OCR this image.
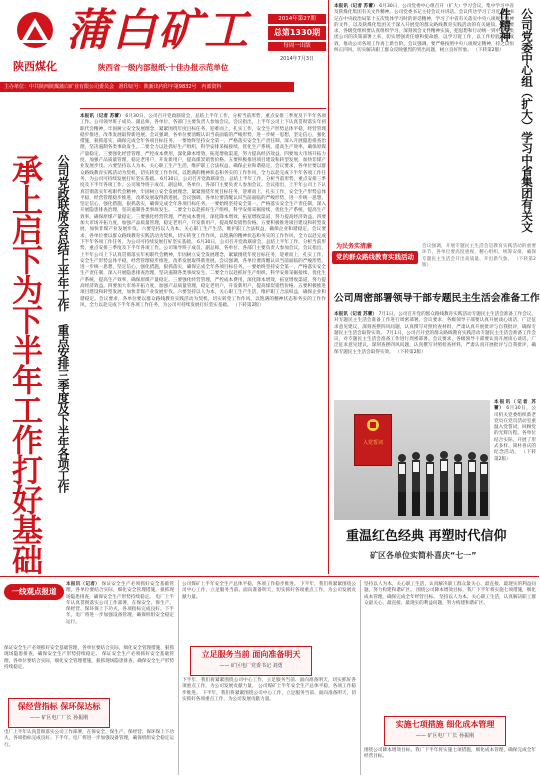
陕西煤化
蒲白矿工	2014年第27期
总第1330期
每周一出版
2014年7月3日
陕西省一级内部报纸·十佳办报示范单位
主办单位：中共陕西陕煤蒲白矿业有限公司委员会 准印证号：陕新出内印字第9832号 内部资料
本报讯（记者 苏蕾） 6月30日，公司党委中心组召开（扩大）学习会议，集中学习中省及陕煤化集团有关文件精神。公司党委书记主持会议并讲话。会议传达学习了习近平总书记在中央政治局第十五次集体学习时的讲话精神，学习了中省有关落实中央八项规定精神的文件，以及陕煤化集团关于深入开展党的群众路线教育实践活动的有关通知。会议要求，各级党组织要认真组织学习，深刻领会文件精神实质，把思想和行动统一到中省和集团公司的决策部署上来，切实增强责任感和使命感，以学习促工作，以工作检验学习成效，推动公司各项工作再上新台阶。会议强调，要严格按照中央八项规定精神，持之以恒纠正四风，切实解决职工群众反映强烈的突出问题，树立良好形象。 （下转第2版）	公司党委中心组（扩大）学习中省集团有关文件精神
承上启下为下半年工作打好基础	公司党政联席会总结上半年工作 重点安排三季度及下半年各项工作
本报讯（记者 苏蕾） 6月30日，公司召开党政联席会，总结上半年工作，分析当前形势，重点安排三季度及下半年各项工作。公司领导班子成员、副总师，各单位、各部门主要负责人参加会议。会议指出，上半年公司上下认真贯彻落实年初职代会精神，牢固树立安全发展理念，紧紧围绕年度目标任务，迎难而上，扎实工作，安全生产形势总体平稳，经营管理稳步推进，改革发展取得新进展。会议强调，各单位要清醒认识当前面临的严峻形势，进一步统一思想，坚定信心，强化措施，狠抓落实，确保完成全年各项目标任务。一要始终坚持安全第一，严格落实安全生产责任制，深入开展隐患排查治理，坚决遏制各类事故发生。二要全力以赴抓好生产组织，科学安排采掘接续，优化生产系统，提高生产效率，确保原煤产量稳定。三要强化经营管理，严控成本费用，深化降本增效，拓宽增收渠道，努力提高经济效益。四要加大市场开拓力度，加强产品质量管理，稳定老用户，开发新用户，提高煤炭销售价格。五要积极推进项目建设和转型发展，加快非煤产业发展步伐。六要坚持以人为本，关心职工生产生活，维护职工合法权益，确保企业和谐稳定。会议要求，各单位要以群众路线教育实践活动为契机，切实转变工作作风，以饱满的精神状态和务实的工作作风，全力以赴完成下半年各项工作任务，为公司可持续发展打好坚实基础。 6月30日，公司召开党政联席会，总结上半年工作，分析当前形势，重点安排三季度及下半年各项工作。公司领导班子成员、副总师，各单位、各部门主要负责人参加会议。会议指出，上半年公司上下认真贯彻落实年初职代会精神，牢固树立安全发展理念，紧紧围绕年度目标任务，迎难而上，扎实工作，安全生产形势总体平稳，经营管理稳步推进，改革发展取得新进展。会议强调，各单位要清醒认识当前面临的严峻形势，进一步统一思想，坚定信心，强化措施，狠抓落实，确保完成全年各项目标任务。一要始终坚持安全第一，严格落实安全生产责任制，深入开展隐患排查治理，坚决遏制各类事故发生。二要全力以赴抓好生产组织，科学安排采掘接续，优化生产系统，提高生产效率，确保原煤产量稳定。三要强化经营管理，严控成本费用，深化降本增效，拓宽增收渠道，努力提高经济效益。四要加大市场开拓力度，加强产品质量管理，稳定老用户，开发新用户，提高煤炭销售价格。五要积极推进项目建设和转型发展，加快非煤产业发展步伐。六要坚持以人为本，关心职工生产生活，维护职工合法权益，确保企业和谐稳定。会议要求，各单位要以群众路线教育实践活动为契机，切实转变工作作风，以饱满的精神状态和务实的工作作风，全力以赴完成下半年各项工作任务，为公司可持续发展打好坚实基础。 6月30日，公司召开党政联席会，总结上半年工作，分析当前形势，重点安排三季度及下半年各项工作。公司领导班子成员、副总师，各单位、各部门主要负责人参加会议。会议指出，上半年公司上下认真贯彻落实年初职代会精神，牢固树立安全发展理念，紧紧围绕年度目标任务，迎难而上，扎实工作，安全生产形势总体平稳，经营管理稳步推进，改革发展取得新进展。会议强调，各单位要清醒认识当前面临的严峻形势，进一步统一思想，坚定信心，强化措施，狠抓落实，确保完成全年各项目标任务。一要始终坚持安全第一，严格落实安全生产责任制，深入开展隐患排查治理，坚决遏制各类事故发生。二要全力以赴抓好生产组织，科学安排采掘接续，优化生产系统，提高生产效率，确保原煤产量稳定。三要强化经营管理，严控成本费用，深化降本增效，拓宽增收渠道，努力提高经济效益。四要加大市场开拓力度，加强产品质量管理，稳定老用户，开发新用户，提高煤炭销售价格。五要积极推进项目建设和转型发展，加快非煤产业发展步伐。六要坚持以人为本，关心职工生产生活，维护职工合法权益，确保企业和谐稳定。会议要求，各单位要以群众路线教育实践活动为契机，切实转变工作作风，以饱满的精神状态和务实的工作作风，全力以赴完成下半年各项工作任务，为公司可持续发展打好坚实基础。 （下转第2版）
为民务实清廉
党的群众路线教育实践活动
会议强调，开展专题民主生活会是教育实践活动的重要环节，各单位要高度重视，精心组织，统筹安排，确保专题民主生活会开出高质量、开出新气象。 （下转第2版）
公司周密部署领导干部专题民主生活会准备工作
本报讯（记者 苏蕾） 7月1日，公司召开党的群众路线教育实践活动专题民主生活会准备工作会议，对专题民主生活会准备工作进行周密部署。会议要求，各级领导干部要认真开展谈心谈话，广泛征求意见建议，深刻查摆四风问题，认真撰写对照检查材料，严肃认真开展批评与自我批评，确保专题民主生活会取得实效。 7月1日，公司召开党的群众路线教育实践活动专题民主生活会准备工作会议，对专题民主生活会准备工作进行周密部署。会议要求，各级领导干部要认真开展谈心谈话，广泛征求意见建议，深刻查摆四风问题，认真撰写对照检查材料，严肃认真开展批评与自我批评，确保专题民主生活会取得实效。 （下转第2版）
入党誓词
本报讯（记者 苏蕾） 6月30日，公司机关党委组织新老党员在党员活动室重温入党誓词，回顾党的光辉历程。各单位结合实际，开展了形式多样、简朴喜庆的纪念活动。 （下转第2版）
重温红色经典 再塑时代信仰
矿区各单位实简朴喜庆“七一”
一线观点报道
本报讯（记者） 保证安全生产必须抓好安全基础管理，各单位要结合实际，细化安全管理措施，狠抓现场隐患排查，确保安全生产形势持续稳定。 电厂上半年认真贯彻落实公司工作部署，在保安全、保生产、保经营、保环保上下功夫，各项指标完成良好。下半年，电厂将进一步加强设备管理，确保机组安全稳定运行。
保证安全生产必须抓好安全基础管理，各单位要结合实际，细化安全管理措施，狠抓现场隐患排查，确保安全生产形势持续稳定。 保证安全生产必须抓好安全基础管理，各单位要结合实际，细化安全管理措施，狠抓现场隐患排查，确保安全生产形势持续稳定。
保经营指标 保环保达标
—— 矿区电厂厂长 孙振刚
电厂上半年认真贯彻落实公司工作部署，在保安全、保生产、保经营、保环保上下功夫，各项指标完成良好。下半年，电厂将进一步加强设备管理，确保机组安全稳定运行。
公司煤矿上半年安全生产总体平稳，各项工作稳步推进。 下半年，我们将紧紧围绕公司中心工作，立足服务当前、面向准备明天，切实抓好各项重点工作，为公司发展贡献力量。
立足服务当前 面向准备明天
—— 矿区电厂党委书记 刘勇
下半年，我们将紧紧围绕公司中心工作，立足服务当前、面向准备明天，切实抓好各项重点工作，为公司发展贡献力量。 公司煤矿上半年安全生产总体平稳，各项工作稳步推进。 下半年，我们将紧紧围绕公司中心工作，立足服务当前、面向准备明天，切实抓好各项重点工作，为公司发展贡献力量。
坚持以人为本，关心职工生活，认真解决职工群众最关心、最直接、最现实的利益问题，努力构建和谐矿区。 围绕公司降本增效目标，我厂下半年将实施七项措施，细化成本管理，确保完成全年经营目标。 坚持以人为本，关心职工生活，认真解决职工群众最关心、最直接、最现实的利益问题，努力构建和谐矿区。
实施七项措施 细化成本管理
—— 矿区电厂厂长 孙振刚
围绕公司降本增效目标，我厂下半年将实施七项措施，细化成本管理，确保完成全年经营目标。
